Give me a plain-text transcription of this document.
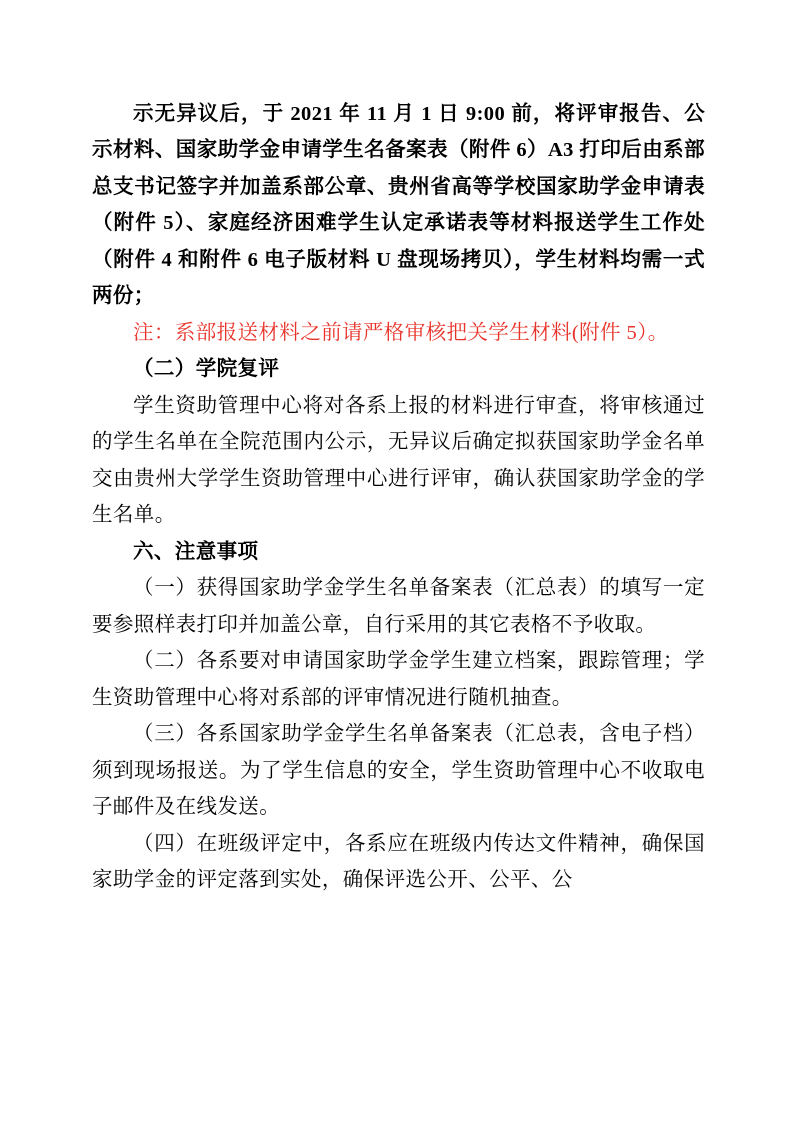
示无异议后，于 2021 年 11 月 1 日 9:00 前，将评审报告、公示材料、国家助学金申请学生名备案表（附件 6）A3 打印后由系部总支书记签字并加盖系部公章、贵州省高等学校国家助学金申请表（附件 5）、家庭经济困难学生认定承诺表等材料报送学生工作处（附件 4 和附件 6 电子版材料 U 盘现场拷贝），学生材料均需一式两份；

注：系部报送材料之前请严格审核把关学生材料(附件 5）。

（二）学院复评

学生资助管理中心将对各系上报的材料进行审查，将审核通过的学生名单在全院范围内公示，无异议后确定拟获国家助学金名单交由贵州大学学生资助管理中心进行评审，确认获国家助学金的学生名单。

六、注意事项

（一）获得国家助学金学生名单备案表（汇总表）的填写一定要参照样表打印并加盖公章，自行采用的其它表格不予收取。

（二）各系要对申请国家助学金学生建立档案，跟踪管理；学生资助管理中心将对系部的评审情况进行随机抽查。

（三）各系国家助学金学生名单备案表（汇总表，含电子档）须到现场报送。为了学生信息的安全，学生资助管理中心不收取电子邮件及在线发送。

（四）在班级评定中，各系应在班级内传达文件精神，确保国家助学金的评定落到实处，确保评选公开、公平、公
